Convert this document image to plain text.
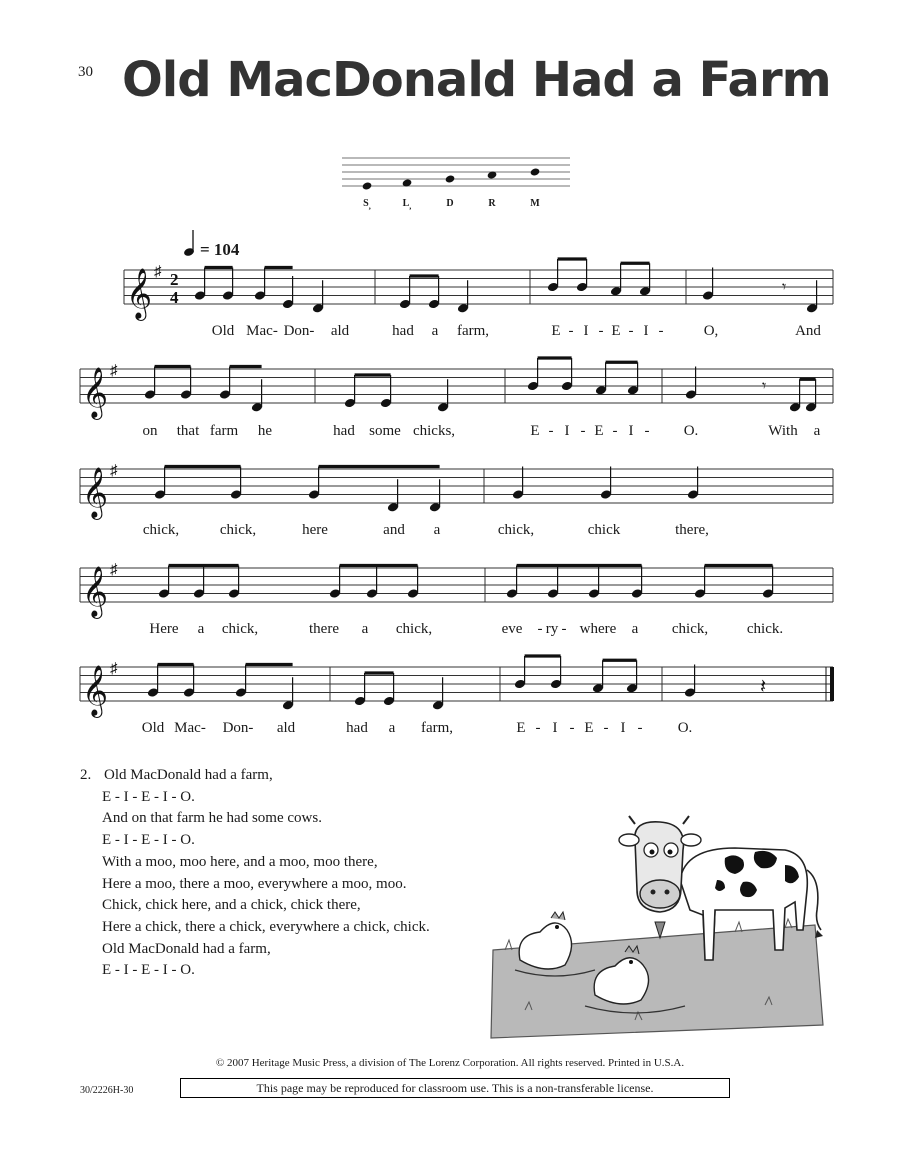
30 Old MacDonald Had a Farm
$S_,$	$L_,$	D	R	M
= 104
𝄞 ♯ 2
4
𝄾
𝄞 ♯
𝄾
𝄞 ♯
𝄞 ♯
𝄞 ♯
𝄽
Old Mac- Don- ald	had a farm,	E - I - E - I -	O,	And
on that farm he	had some chicks,	E - I - E - I - O.	With a
chick,	chick,	here	and a	chick,	chick	there,
Here a chick,	there a chick,	eve - ry - where a chick,	chick.
Old Mac- Don- ald	had a farm,	E - I - E - I - O.
2. Old MacDonald had a farm,
E - I - E - I - O.
And on that farm he had some cows.
E - I - E - I - O.
With a moo, moo here, and a moo, moo there,
Here a moo, there a moo, everywhere a moo, moo.
Chick, chick here, and a chick, chick there,
Here a chick, there a chick, everywhere a chick, chick.
Old MacDonald had a farm,
E - I - E - I - O.
© 2007 Heritage Music Press, a division of The Lorenz Corporation. All rights reserved. Printed in U.S.A.
30/2226H-30	This page may be reproduced for classroom use. This is a non-transferable license.
